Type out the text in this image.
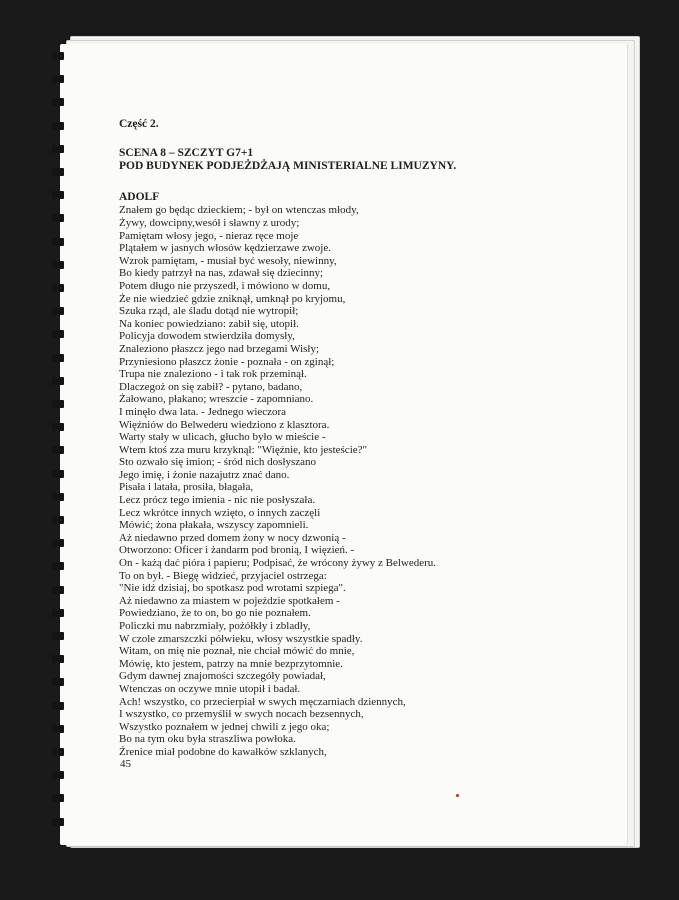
Część 2.

SCENA 8 – SZCZYT G7+1

POD BUDYNEK PODJEŻDŻAJĄ MINISTERIALNE LIMUZYNY.

ADOLF

Znałem go będąc dzieckiem; - był on wtenczas młody,
Żywy, dowcipny,wesół i sławny z urody;
Pamiętam włosy jego, - nieraz ręce moje
Plątałem w jasnych włosów kędzierzawe zwoje.
Wzrok pamiętam, - musiał być wesoły, niewinny,
Bo kiedy patrzył na nas, zdawał się dziecinny;
Potem długo nie przyszedł, i mówiono w domu,
Że nie wiedzieć gdzie zniknął, umknął po kryjomu,
Szuka rząd, ale śladu dotąd nie wytropił;
Na koniec powiedziano: zabił się, utopił.
Policyja dowodem stwierdziła domysły,
Znaleziono płaszcz jego nad brzegami Wisły;
Przyniesiono płaszcz żonie - poznała - on zginął;
Trupa nie znaleziono - i tak rok przeminął.
Dlaczegoż on się zabił? - pytano, badano,
Żałowano, płakano; wreszcie - zapomniano.
I minęło dwa lata. - Jednego wieczora
Więźniów do Belwederu wiedziono z klasztora.
Warty stały w ulicach, głucho było w mieście -
Wtem ktoś zza muru krzyknął: "Więźnie, kto jesteście?"
Sto ozwało się imion; - śród nich dosłyszano
Jego imię, i żonie nazajutrz znać dano.
Pisała i latała, prosiła, błagała,
Lecz prócz tego imienia - nic nie posłyszała.
Lecz wkrótce innych wzięto, o innych zaczęli
Mówić; żona płakała, wszyscy zapomnieli.
Aż niedawno przed domem żony w nocy dzwonią -
Otworzono: Oficer i żandarm pod bronią, I więzień. -
On - każą dać pióra i papieru; Podpisać, że wrócony żywy z Belwederu.
To on był. - Biegę widzieć, przyjaciel ostrzega:
"Nie idź dzisiaj, bo spotkasz pod wrotami szpiega".
Aż niedawno za miastem w pojeździe spotkałem -
Powiedziano, że to on, bo go nie poznałem.
Policzki mu nabrzmiały, pożółkły i zbladły,
W czole zmarszczki półwieku, włosy wszystkie spadły.
Witam, on mię nie poznał, nie chciał mówić do mnie,
Mówię, kto jestem, patrzy na mnie bezprzytomnie.
Gdym dawnej znajomości szczegóły powiadał,
Wtenczas on oczywe mnie utopił i badał.
Ach! wszystko, co przecierpiał w swych męczarniach dziennych,
I wszystko, co przemyślił w swych nocach bezsennych,
Wszystko poznałem w jednej chwili z jego oka;
Bo na tym oku była straszliwa powłoka.
Źrenice miał podobne do kawałków szklanych,
45
